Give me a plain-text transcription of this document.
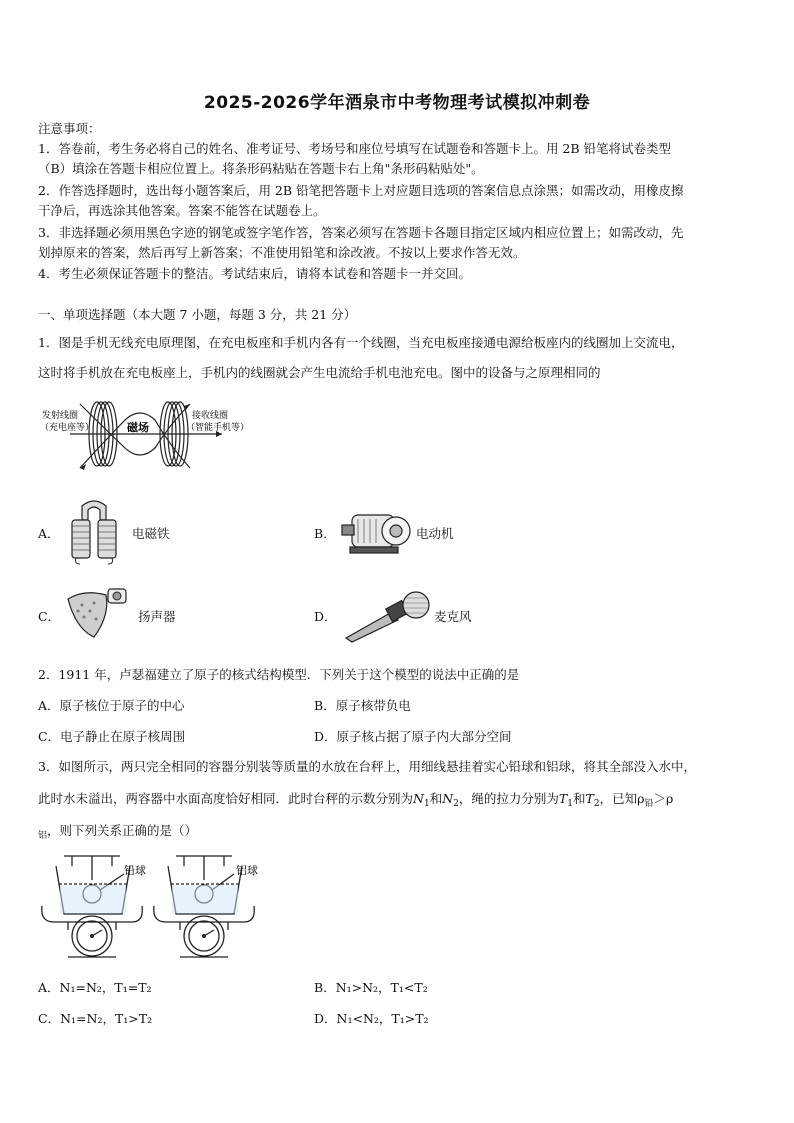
2025-2026学年酒泉市中考物理考试模拟冲刺卷
注意事项：
1．答卷前，考生务必将自己的姓名、准考证号、考场号和座位号填写在试题卷和答题卡上。用 2B 铅笔将试卷类型
（B）填涂在答题卡相应位置上。将条形码粘贴在答题卡右上角"条形码粘贴处"。
2．作答选择题时，选出每小题答案后，用 2B 铅笔把答题卡上对应题目选项的答案信息点涂黑；如需改动，用橡皮擦
干净后，再选涂其他答案。答案不能答在试题卷上。
3．非选择题必须用黑色字迹的钢笔或签字笔作答，答案必须写在答题卡各题目指定区域内相应位置上；如需改动，先
划掉原来的答案，然后再写上新答案；不准使用铅笔和涂改液。不按以上要求作答无效。
4．考生必须保证答题卡的整洁。考试结束后，请将本试卷和答题卡一并交回。
一、单项选择题（本大题 7 小题，每题 3 分，共 21 分）
1．图是手机无线充电原理图，在充电板座和手机内各有一个线圈，当充电板座接通电源给板座内的线圈加上交流电，
这时将手机放在充电板座上，手机内的线圈就会产生电流给手机电池充电。图中的设备与之原理相同的
发射线圈
（充电座等）	磁场
接收线圈
（智能手机等）
A．	电磁铁	B．	电动机
C．	扬声器	D．	麦克风
2．1911 年，卢瑟福建立了原子的核式结构模型．下列关于这个模型的说法中正确的是
A．原子核位于原子的中心	B．原子核带负电
C．电子静止在原子核周围	D．原子核占据了原子内大部分空间
3．如图所示，两只完全相同的容器分别装等质量的水放在台秤上，用细线悬挂着实心铅球和铝球，将其全部没入水中，
此时水未溢出，两容器中水面高度恰好相同．此时台秤的示数分别为$N_1$和$N_2$，绳的拉力分别为$T_1$和$T_2$，已知$\rho_铅>\rho$
$_铝$，则下列关系正确的是（）
铅球	铝球
A．N₁=N₂，T₁=T₂	B．N₁>N₂，T₁<T₂
C．N₁=N₂，T₁>T₂	D．N₁<N₂，T₁>T₂
